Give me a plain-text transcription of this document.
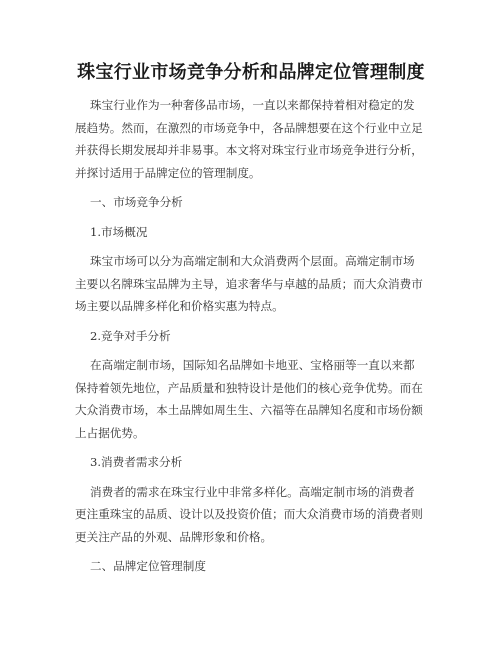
珠宝行业市场竞争分析和品牌定位管理制度

珠宝行业作为一种奢侈品市场，一直以来都保持着相对稳定的发展趋势。然而，在激烈的市场竞争中，各品牌想要在这个行业中立足并获得长期发展却并非易事。本文将对珠宝行业市场竞争进行分析，并探讨适用于品牌定位的管理制度。

一、市场竞争分析

1.市场概况

珠宝市场可以分为高端定制和大众消费两个层面。高端定制市场主要以名牌珠宝品牌为主导，追求奢华与卓越的品质；而大众消费市场主要以品牌多样化和价格实惠为特点。

2.竞争对手分析

在高端定制市场，国际知名品牌如卡地亚、宝格丽等一直以来都保持着领先地位，产品质量和独特设计是他们的核心竞争优势。而在大众消费市场，本土品牌如周生生、六福等在品牌知名度和市场份额上占据优势。

3.消费者需求分析

消费者的需求在珠宝行业中非常多样化。高端定制市场的消费者更注重珠宝的品质、设计以及投资价值；而大众消费市场的消费者则更关注产品的外观、品牌形象和价格。

二、品牌定位管理制度
